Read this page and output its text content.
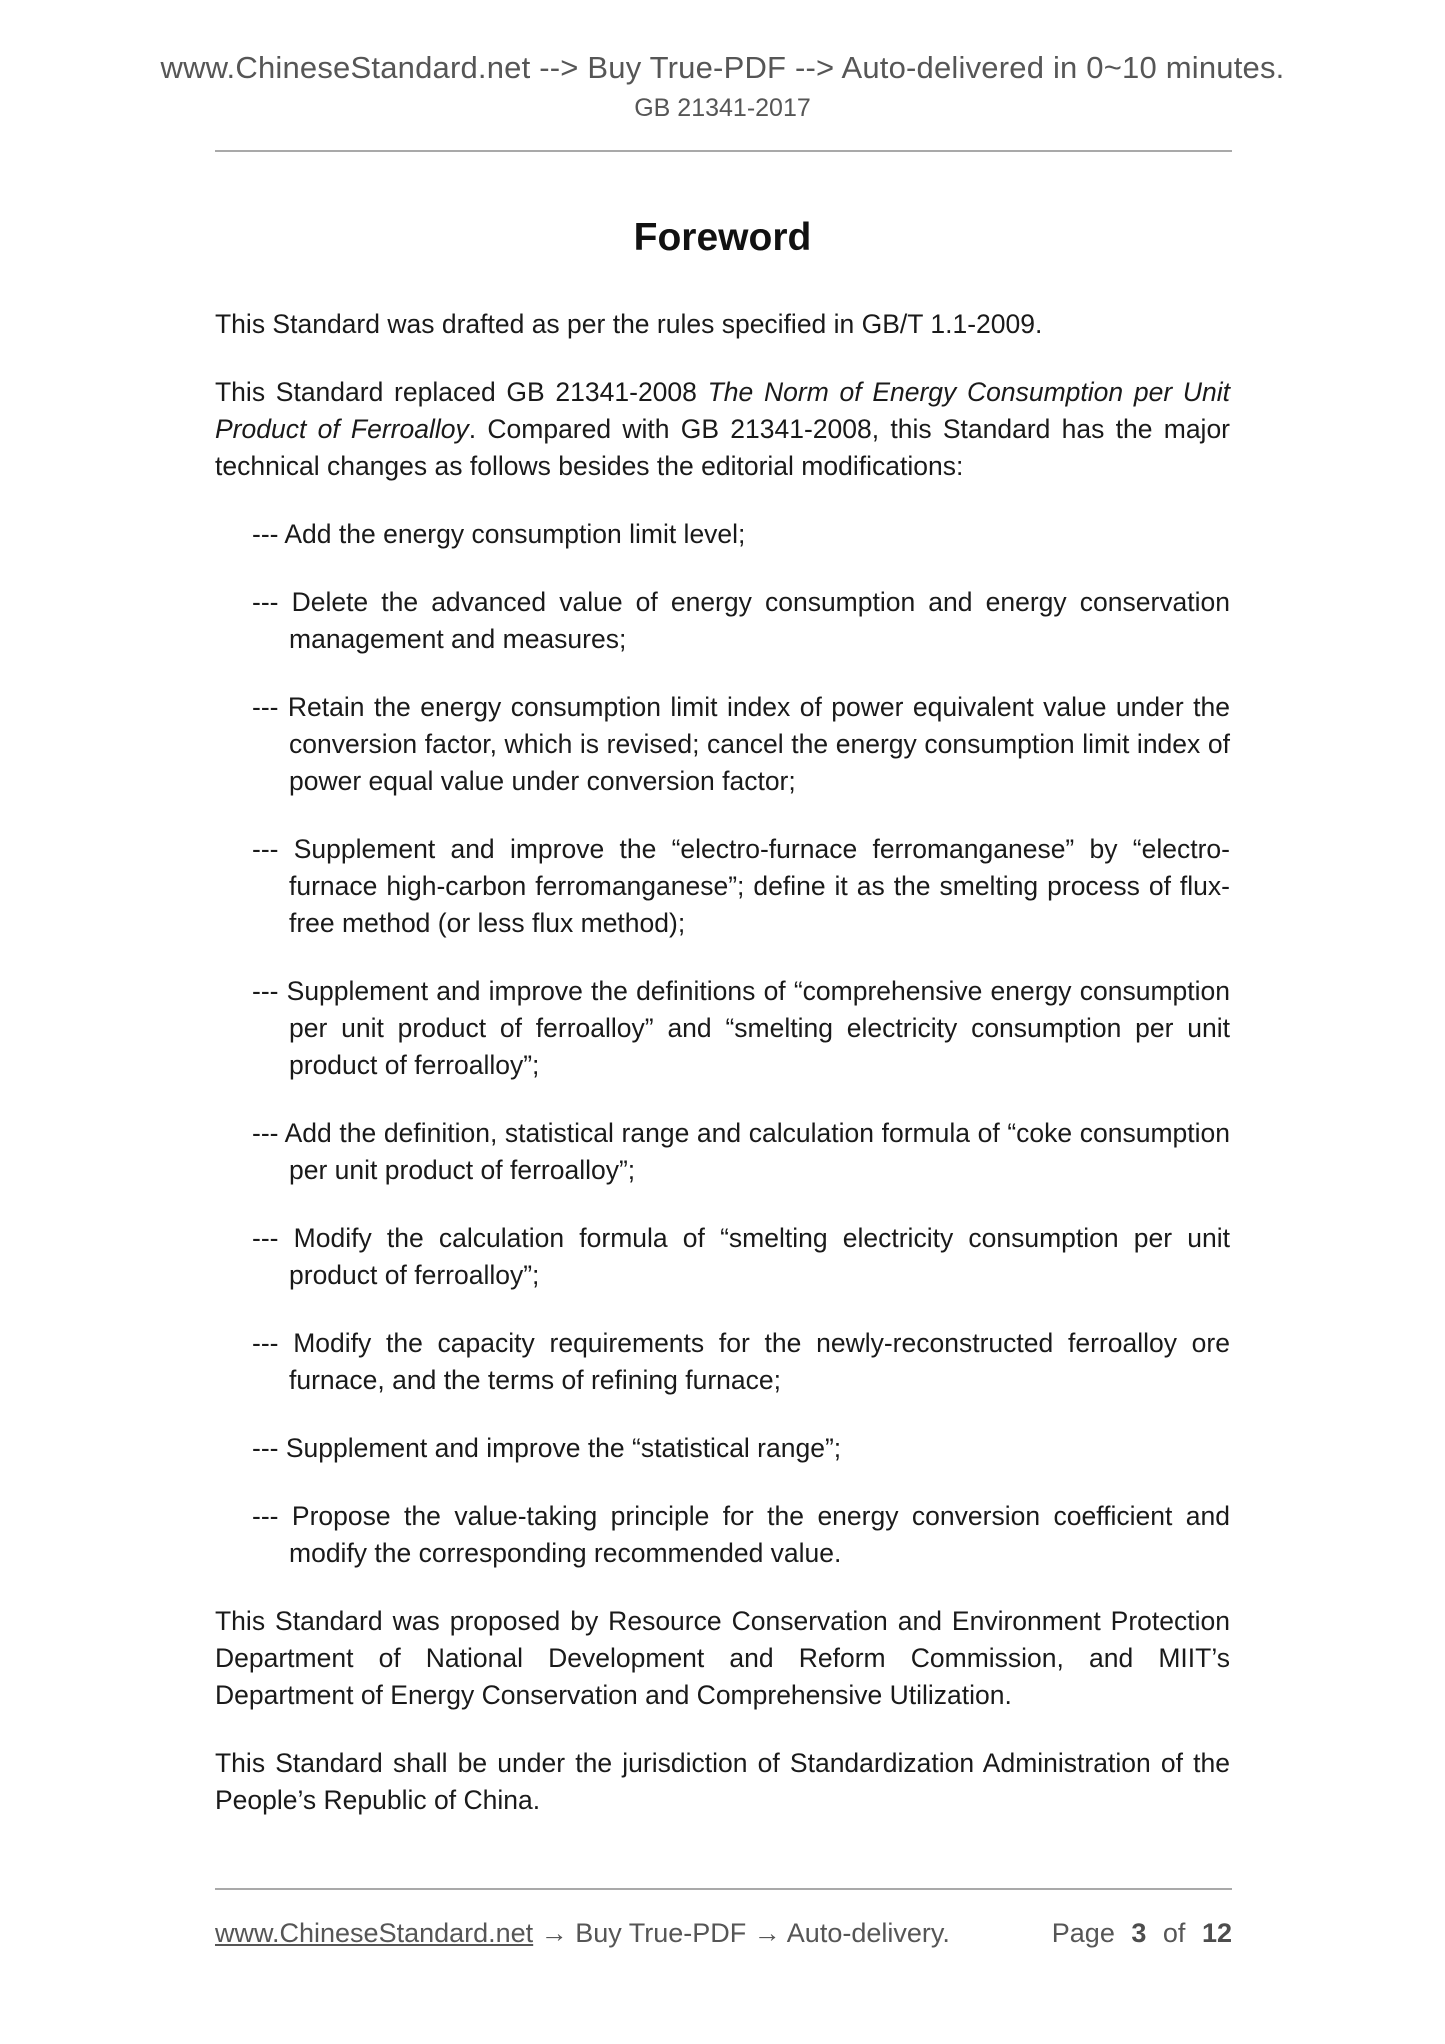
www.ChineseStandard.net --> Buy True-PDF --> Auto-delivered in 0~10 minutes.
GB 21341-2017
Foreword

This Standard was drafted as per the rules specified in GB/T 1.1-2009.

This Standard replaced GB 21341-2008 The Norm of Energy Consumption per Unit Product of Ferroalloy. Compared with GB 21341-2008, this Standard has the major technical changes as follows besides the editorial modifications:

--- Add the energy consumption limit level;

--- Delete the advanced value of energy consumption and energy conservation management and measures;

--- Retain the energy consumption limit index of power equivalent value under the conversion factor, which is revised; cancel the energy consumption limit index of power equal value under conversion factor;

--- Supplement and improve the “electro-furnace ferromanganese” by “electro-furnace high-carbon ferromanganese”; define it as the smelting process of flux-free method (or less flux method);

--- Supplement and improve the definitions of “comprehensive energy consumption per unit product of ferroalloy” and “smelting electricity consumption per unit product of ferroalloy”;

--- Add the definition, statistical range and calculation formula of “coke consumption per unit product of ferroalloy”;

--- Modify the calculation formula of “smelting electricity consumption per unit product of ferroalloy”;

--- Modify the capacity requirements for the newly-reconstructed ferroalloy ore furnace, and the terms of refining furnace;

--- Supplement and improve the “statistical range”;

--- Propose the value-taking principle for the energy conversion coefficient and modify the corresponding recommended value.

This Standard was proposed by Resource Conservation and Environment Protection Department of National Development and Reform Commission, and MIIT’s Department of Energy Conservation and Comprehensive Utilization.

This Standard shall be under the jurisdiction of Standardization Administration of the People’s Republic of China.

www.ChineseStandard.net → Buy True-PDF → Auto-delivery.	Page 3 of 12
